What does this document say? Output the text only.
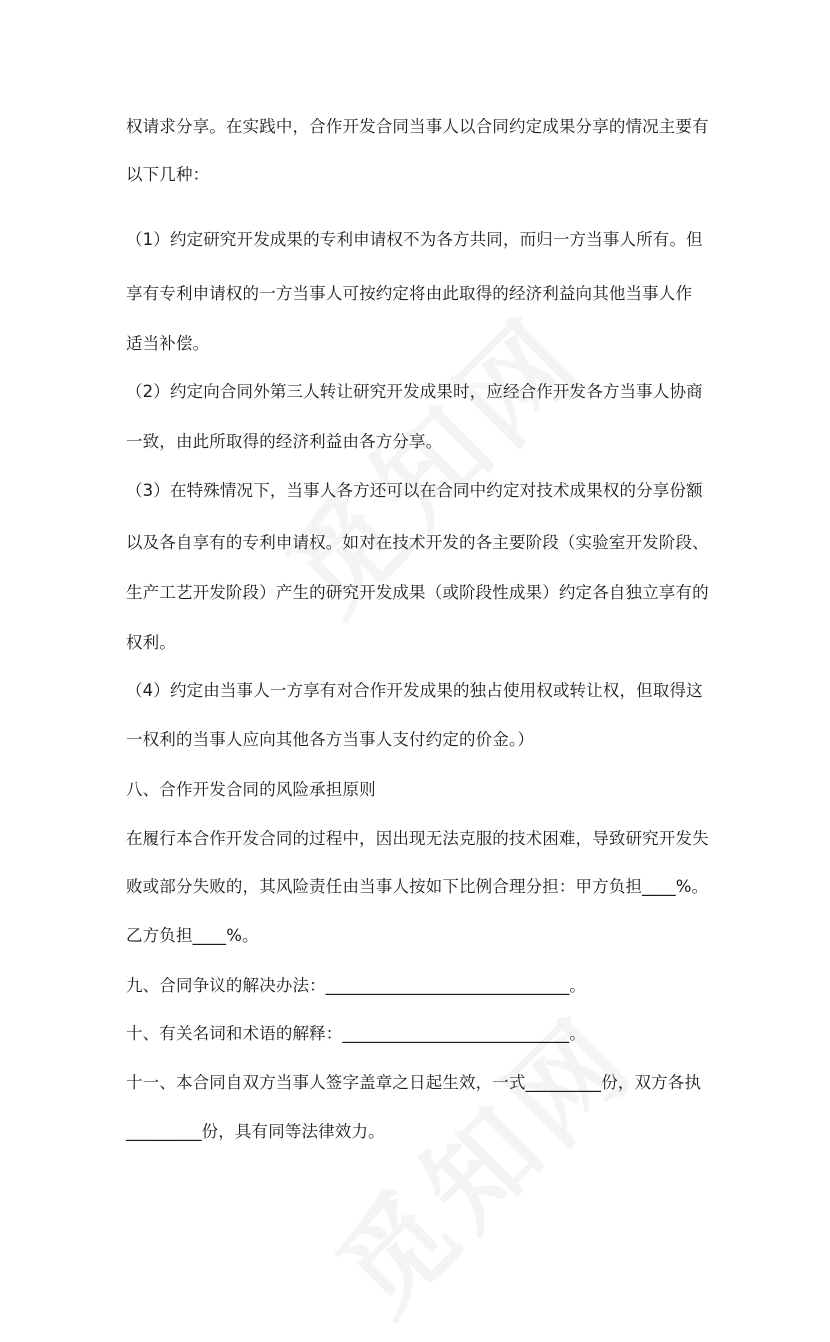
权请求分享。在实践中，合作开发合同当事人以合同约定成果分享的情况主要有
以下几种：
（1）约定研究开发成果的专利申请权不为各方共同，而归一方当事人所有。但
享有专利申请权的一方当事人可按约定将由此取得的经济利益向其他当事人作
适当补偿。
（2）约定向合同外第三人转让研究开发成果时，应经合作开发各方当事人协商
一致，由此所取得的经济利益由各方分享。
（3）在特殊情况下，当事人各方还可以在合同中约定对技术成果权的分享份额
以及各自享有的专利申请权。如对在技术开发的各主要阶段（实验室开发阶段、
生产工艺开发阶段）产生的研究开发成果（或阶段性成果）约定各自独立享有的
权利。
（4）约定由当事人一方享有对合作开发成果的独占使用权或转让权，但取得这
一权利的当事人应向其他各方当事人支付约定的价金。）
八、合作开发合同的风险承担原则
在履行本合作开发合同的过程中，因出现无法克服的技术困难，导致研究开发失
败或部分失败的，其风险责任由当事人按如下比例合理分担：甲方负担____%。
乙方负担____%。
九、合同争议的解决办法：_____________________________。
十、有关名词和术语的解释：___________________________。
十一、本合同自双方当事人签字盖章之日起生效，一式_________份，双方各执
_________份，具有同等法律效力。
